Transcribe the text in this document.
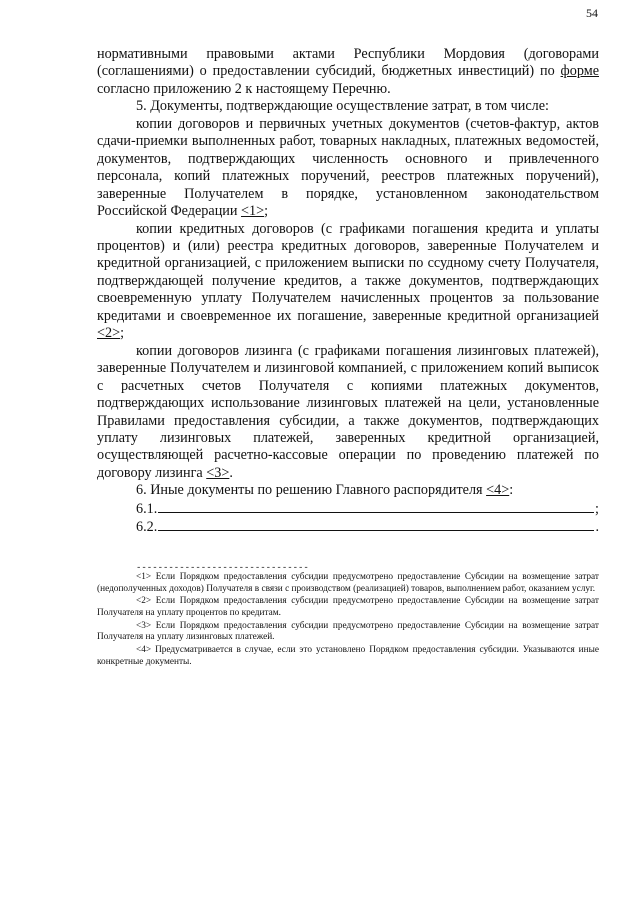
54

нормативными правовыми актами Республики Мордовия (договорами (соглашениями) о предоставлении субсидий, бюджетных инвестиций) по форме согласно приложению 2 к настоящему Перечню.

5. Документы, подтверждающие осуществление затрат, в том числе:

копии договоров и первичных учетных документов (счетов-фактур, актов сдачи-приемки выполненных работ, товарных накладных, платежных ведомостей, документов, подтверждающих численность основного и привлеченного персонала, копий платежных поручений, реестров платежных поручений), заверенные Получателем в порядке, установленном законодательством Российской Федерации <1>;

копии кредитных договоров (с графиками погашения кредита и уплаты процентов) и (или) реестра кредитных договоров, заверенные Получателем и кредитной организацией, с приложением выписки по ссудному счету Получателя, подтверждающей получение кредитов, а также документов, подтверждающих своевременную уплату Получателем начисленных процентов за пользование кредитами и своевременное их погашение, заверенные кредитной организацией <2>;

копии договоров лизинга (с графиками погашения лизинговых платежей), заверенные Получателем и лизинговой компанией, с приложением копий выписок с расчетных счетов Получателя с копиями платежных документов, подтверждающих использование лизинговых платежей на цели, установленные Правилами предоставления субсидии, а также документов, подтверждающих уплату лизинговых платежей, заверенных кредитной организацией, осуществляющей расчетно-кассовые операции по проведению платежей по договору лизинга <3>.

6. Иные документы по решению Главного распорядителя <4>:

6.1.	;
6.2.	.
--------------------------------

<1> Если Порядком предоставления субсидии предусмотрено предоставление Субсидии на возмещение затрат (недополученных доходов) Получателя в связи с производством (реализацией) товаров, выполнением работ, оказанием услуг.

<2> Если Порядком предоставления субсидии предусмотрено предоставление Субсидии на возмещение затрат Получателя на уплату процентов по кредитам.

<3> Если Порядком предоставления субсидии предусмотрено предоставление Субсидии на возмещение затрат Получателя на уплату лизинговых платежей.

<4> Предусматривается в случае, если это установлено Порядком предоставления субсидии. Указываются иные конкретные документы.
